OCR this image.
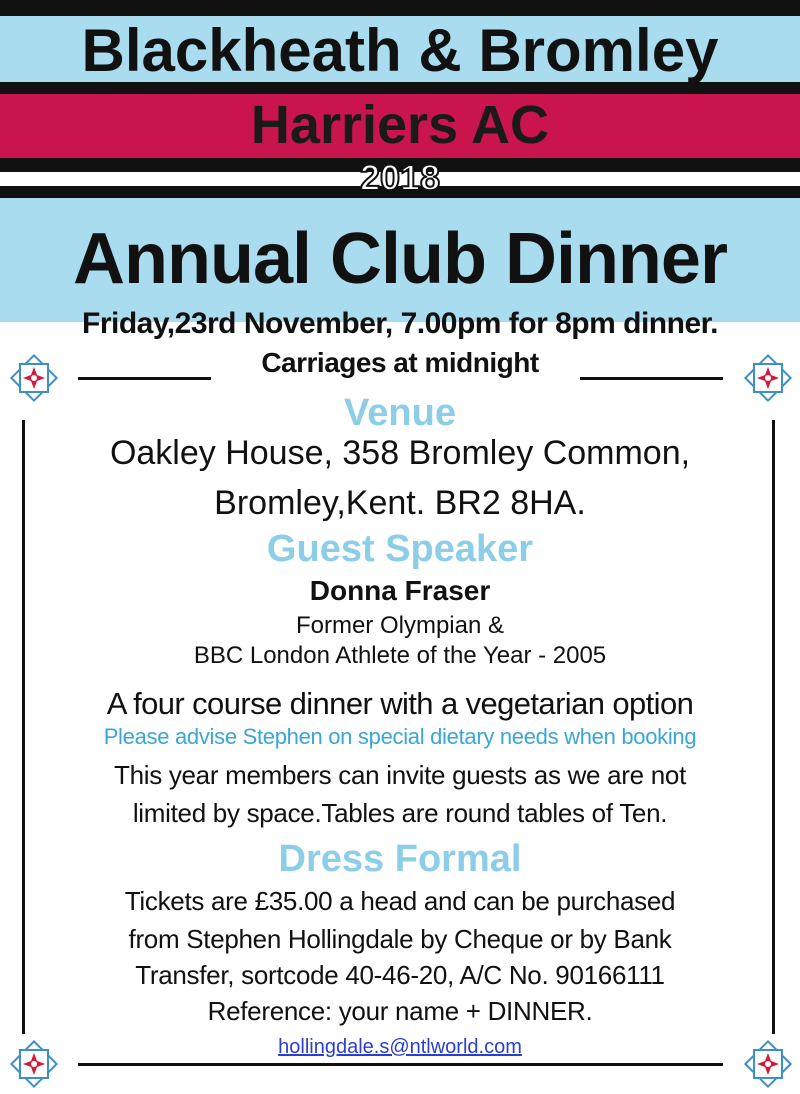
Blackheath & Bromley
Harriers AC
2018
Annual Club Dinner
Friday,23rd November, 7.00pm for 8pm dinner.
Carriages at midnight
Venue
Oakley House, 358 Bromley Common,
Bromley,Kent. BR2 8HA.
Guest Speaker
Donna Fraser
Former Olympian &
BBC London Athlete of the Year - 2005
A four course dinner with a vegetarian option
Please advise Stephen on special dietary needs when booking
This year members can invite guests as we are not
limited by space.Tables are round tables of Ten.
Dress Formal
Tickets are £35.00 a head and can be purchased
from Stephen Hollingdale by Cheque or by Bank
Transfer, sortcode 40-46-20, A/C No. 90166111
Reference: your name + DINNER.
hollingdale.s@ntlworld.com
